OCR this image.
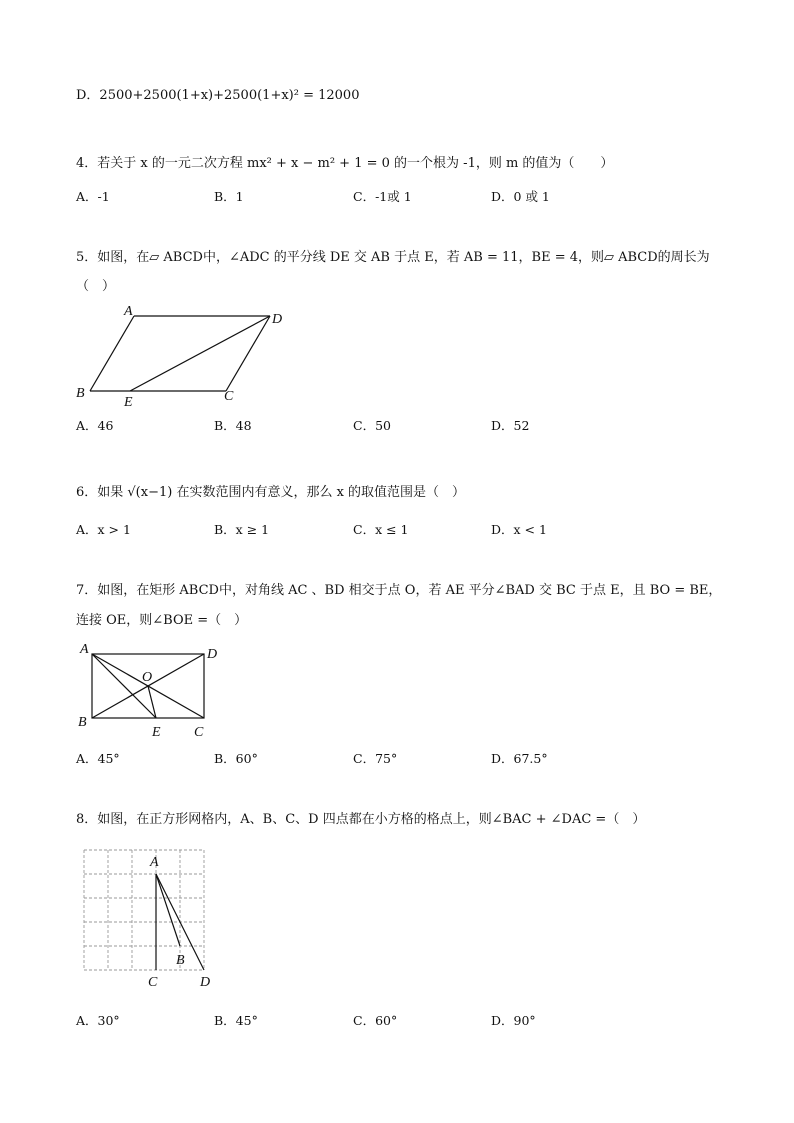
D．2500+2500(1+x)+2500(1+x)² = 12000
4．若关于 x 的一元二次方程 mx² + x − m² + 1 = 0 的一个根为 -1，则 m 的值为（　　）
A．-1	B．1	C．-1或 1	D．0 或 1
5．如图，在▱ ABCD中，∠ADC 的平分线 DE 交 AB 于点 E，若 AB = 11，BE = 4，则▱ ABCD的周长为
（　）
A
D
B	C
E
A．46	B．48	C．50	D．52
6．如果 √(x−1) 在实数范围内有意义，那么 x 的取值范围是（　）
A．x > 1	B．x ≥ 1	C．x ≤ 1	D．x < 1
7．如图，在矩形 ABCD中，对角线 AC 、BD 相交于点 O，若 AE 平分∠BAD 交 BC 于点 E，且 BO = BE，
连接 OE，则∠BOE =（　）
A	D
O
B
E C
A．45°	B．60°	C．75°	D．67.5°
8．如图，在正方形网格内，A、B、C、D 四点都在小方格的格点上，则∠BAC + ∠DAC =（　）
A
B
C	D
A．30°	B．45°	C．60°	D．90°
